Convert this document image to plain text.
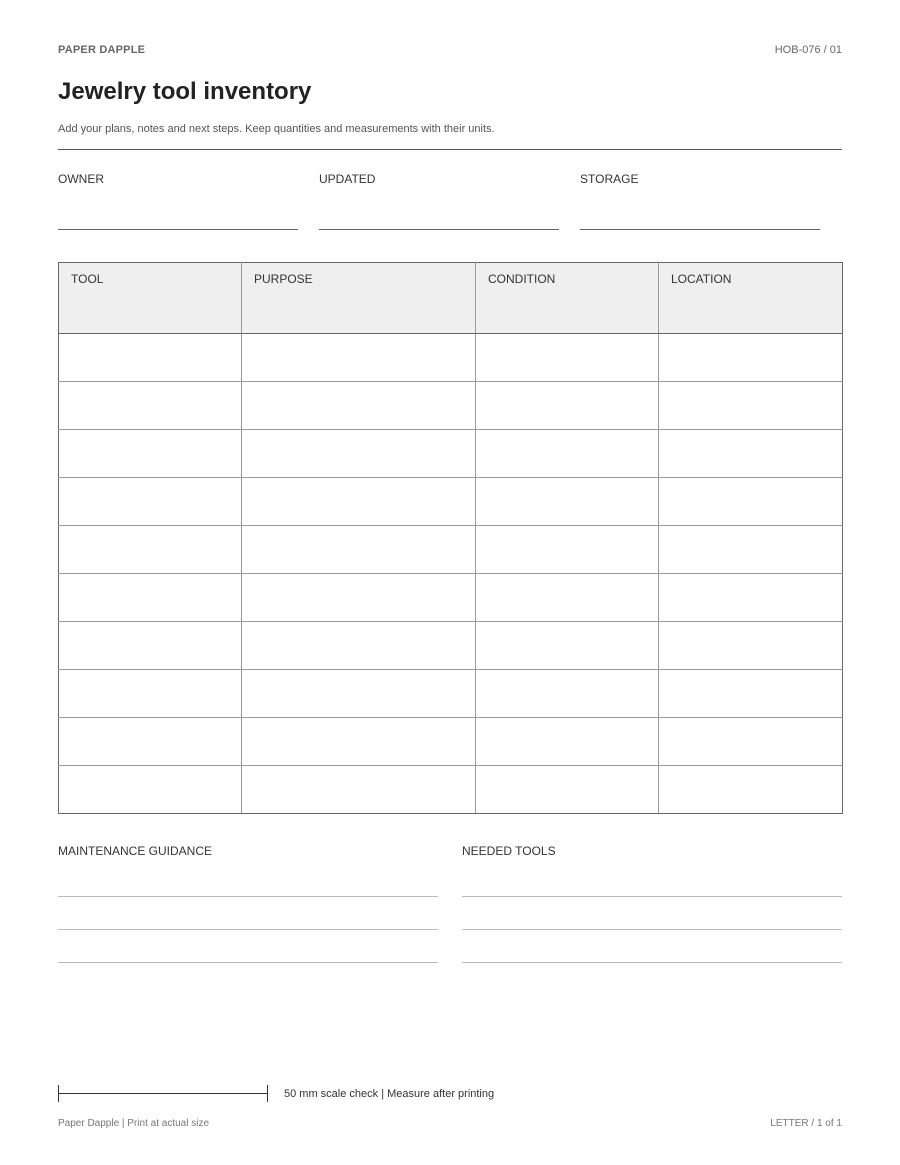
PAPER DAPPLE	HOB-076 / 01
Jewelry tool inventory
Add your plans, notes and next steps. Keep quantities and measurements with their units.
OWNER	UPDATED	STORAGE
TOOL	PURPOSE	CONDITION	LOCATION

MAINTENANCE GUIDANCE	NEEDED TOOLS
50 mm scale check | Measure after printing
Paper Dapple | Print at actual size	LETTER / 1 of 1
